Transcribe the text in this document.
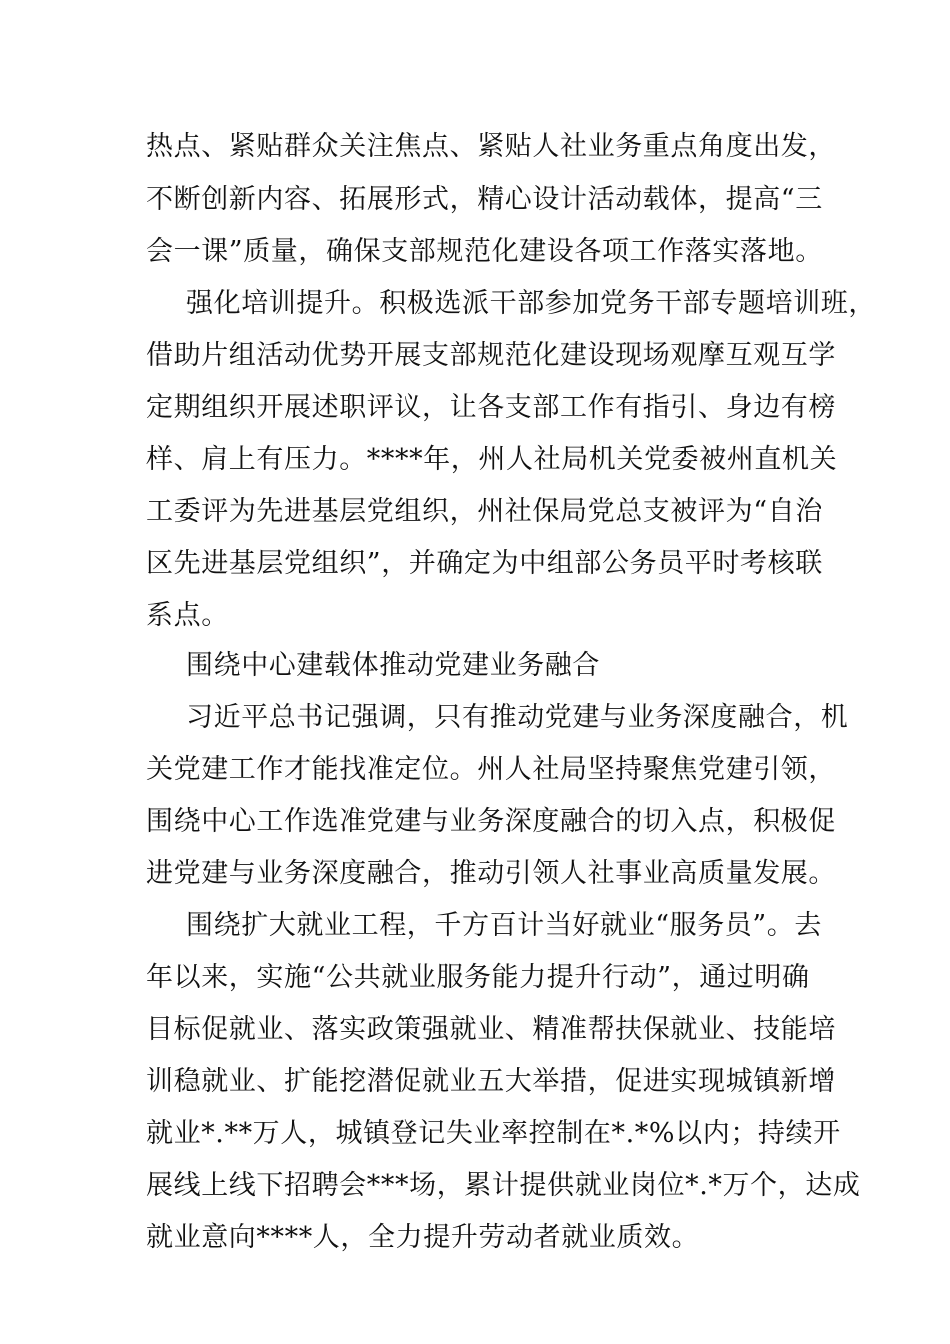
热点、紧贴群众关注焦点、紧贴人社业务重点角度出发，
不断创新内容、拓展形式，精心设计活动载体，提高“三
会一课”质量，确保支部规范化建设各项工作落实落地。
强化培训提升。积极选派干部参加党务干部专题培训班，
借助片组活动优势开展支部规范化建设现场观摩互观互学
定期组织开展述职评议，让各支部工作有指引、身边有榜
样、肩上有压力。****年，州人社局机关党委被州直机关
工委评为先进基层党组织，州社保局党总支被评为“自治
区先进基层党组织”，并确定为中组部公务员平时考核联
系点。
围绕中心建载体推动党建业务融合
习近平总书记强调，只有推动党建与业务深度融合，机
关党建工作才能找准定位。州人社局坚持聚焦党建引领，
围绕中心工作选准党建与业务深度融合的切入点，积极促
进党建与业务深度融合，推动引领人社事业高质量发展。
围绕扩大就业工程，千方百计当好就业“服务员”。去
年以来，实施“公共就业服务能力提升行动”，通过明确
目标促就业、落实政策强就业、精准帮扶保就业、技能培
训稳就业、扩能挖潜促就业五大举措，促进实现城镇新增
就业*.**万人，城镇登记失业率控制在*.*%以内；持续开
展线上线下招聘会***场，累计提供就业岗位*.*万个，达成
就业意向****人，全力提升劳动者就业质效。
